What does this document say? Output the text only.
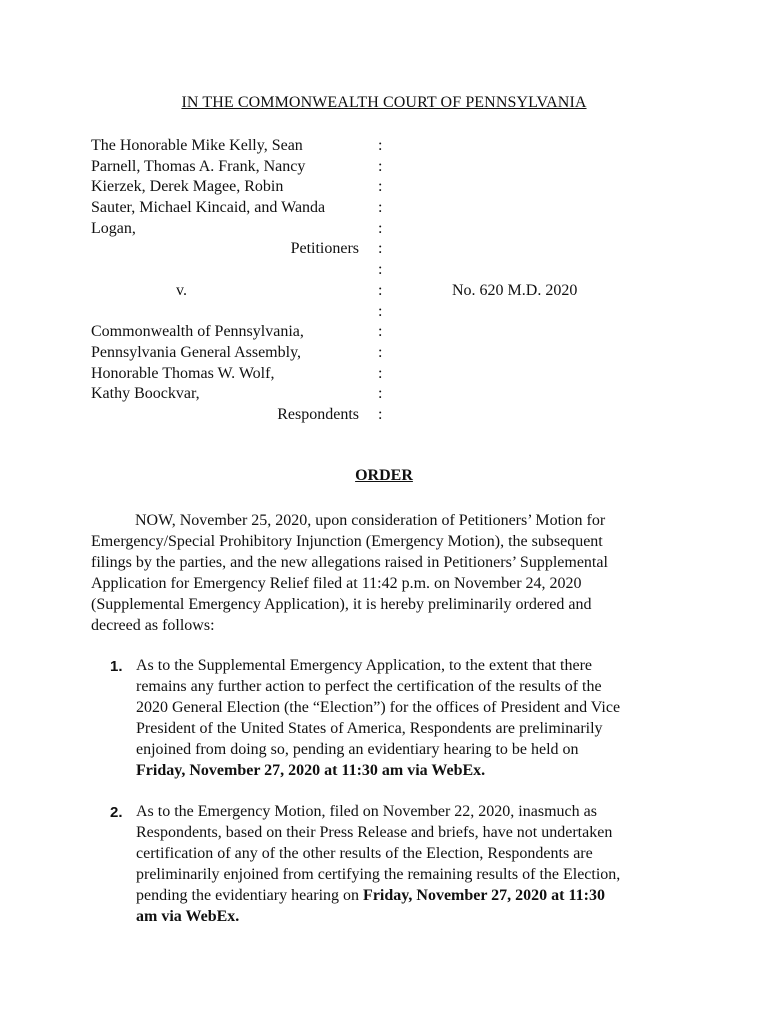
IN THE COMMONWEALTH COURT OF PENNSYLVANIA
The Honorable Mike Kelly, Sean	:
Parnell, Thomas A. Frank, Nancy	:
Kierzek, Derek Magee, Robin	:
Sauter, Michael Kincaid, and Wanda	:
Logan,	:
Petitioners :
:
v.	:	No. 620 M.D. 2020
:
Commonwealth of Pennsylvania,	:
Pennsylvania General Assembly,	:
Honorable Thomas W. Wolf,	:
Kathy Boockvar,	:
Respondents :
ORDER
NOW, November 25, 2020, upon consideration of Petitioners’ Motion for
Emergency/Special Prohibitory Injunction (Emergency Motion), the subsequent
filings by the parties, and the new allegations raised in Petitioners’ Supplemental
Application for Emergency Relief filed at 11:42 p.m. on November 24, 2020
(Supplemental Emergency Application), it is hereby preliminarily ordered and
decreed as follows:
1. As to the Supplemental Emergency Application, to the extent that there
remains any further action to perfect the certification of the results of the
2020 General Election (the “Election”) for the offices of President and Vice
President of the United States of America, Respondents are preliminarily
enjoined from doing so, pending an evidentiary hearing to be held on
Friday, November 27, 2020 at 11:30 am via WebEx.
2. As to the Emergency Motion, filed on November 22, 2020, inasmuch as
Respondents, based on their Press Release and briefs, have not undertaken
certification of any of the other results of the Election, Respondents are
preliminarily enjoined from certifying the remaining results of the Election,
pending the evidentiary hearing on Friday, November 27, 2020 at 11:30
am via WebEx.
